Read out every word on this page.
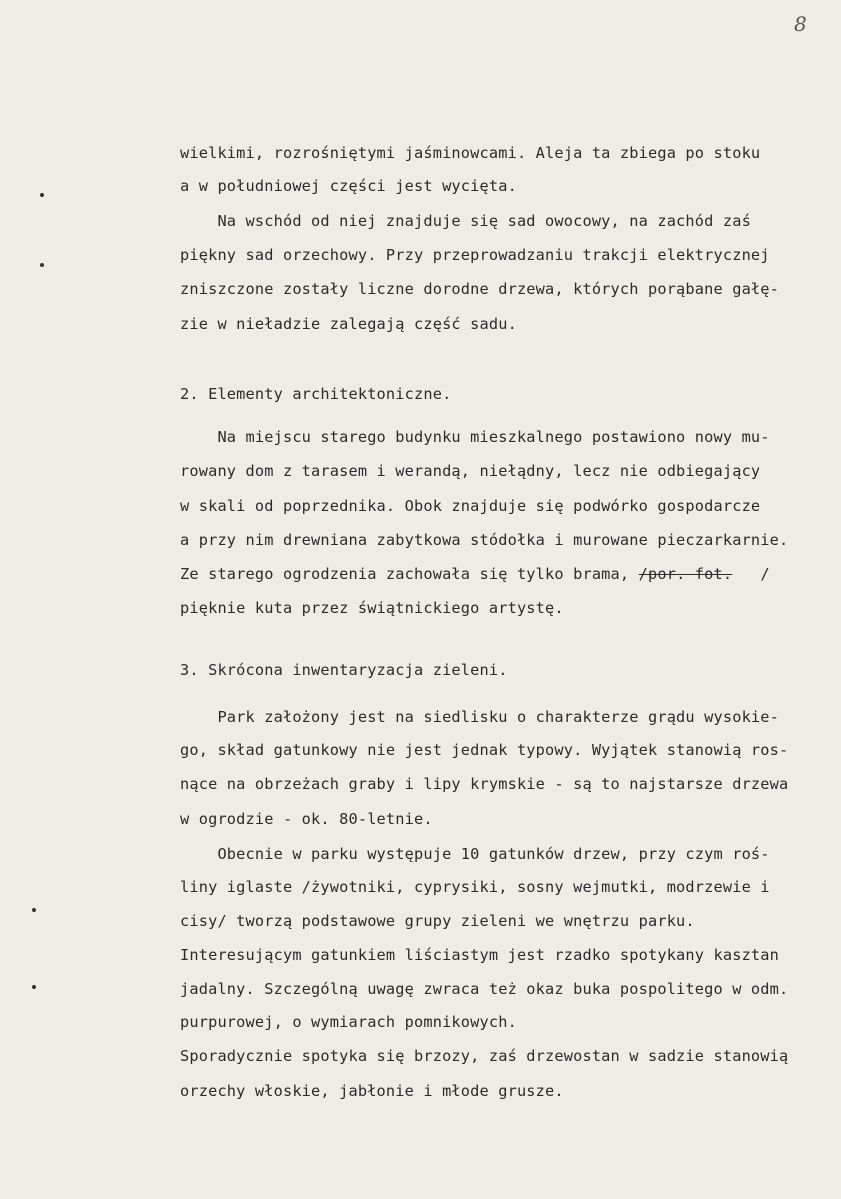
8
wielkimi, rozrośniętymi jaśminowcami. Aleja ta zbiega po stoku
a w południowej części jest wycięta.
Na wschód od niej znajduje się sad owocowy, na zachód zaś
piękny sad orzechowy. Przy przeprowadzaniu trakcji elektrycznej
zniszczone zostały liczne dorodne drzewa, których porąbane gałę-
zie w nieładzie zalegają część sadu.
2. Elementy architektoniczne.
Na miejscu starego budynku mieszkalnego postawiono nowy mu-
rowany dom z tarasem i werandą, niełądny, lecz nie odbiegający
w skali od poprzednika. Obok znajduje się podwórko gospodarcze
a przy nim drewniana zabytkowa stódołka i murowane pieczarkarnie.
Ze starego ogrodzenia zachowała się tylko brama, /por. fot. /
pięknie kuta przez świątnickiego artystę.
3. Skrócona inwentaryzacja zieleni.
Park założony jest na siedlisku o charakterze grądu wysokie-
go, skład gatunkowy nie jest jednak typowy. Wyjątek stanowią ros-
nące na obrzeżach graby i lipy krymskie - są to najstarsze drzewa
w ogrodzie - ok. 80-letnie.
Obecnie w parku występuje 10 gatunków drzew, przy czym roś-
liny iglaste /żywotniki, cyprysiki, sosny wejmutki, modrzewie i
cisy/ tworzą podstawowe grupy zieleni we wnętrzu parku.
Interesującym gatunkiem liściastym jest rzadko spotykany kasztan
jadalny. Szczególną uwagę zwraca też okaz buka pospolitego w odm.
purpurowej, o wymiarach pomnikowych.
Sporadycznie spotyka się brzozy, zaś drzewostan w sadzie stanowią
orzechy włoskie, jabłonie i młode grusze.
